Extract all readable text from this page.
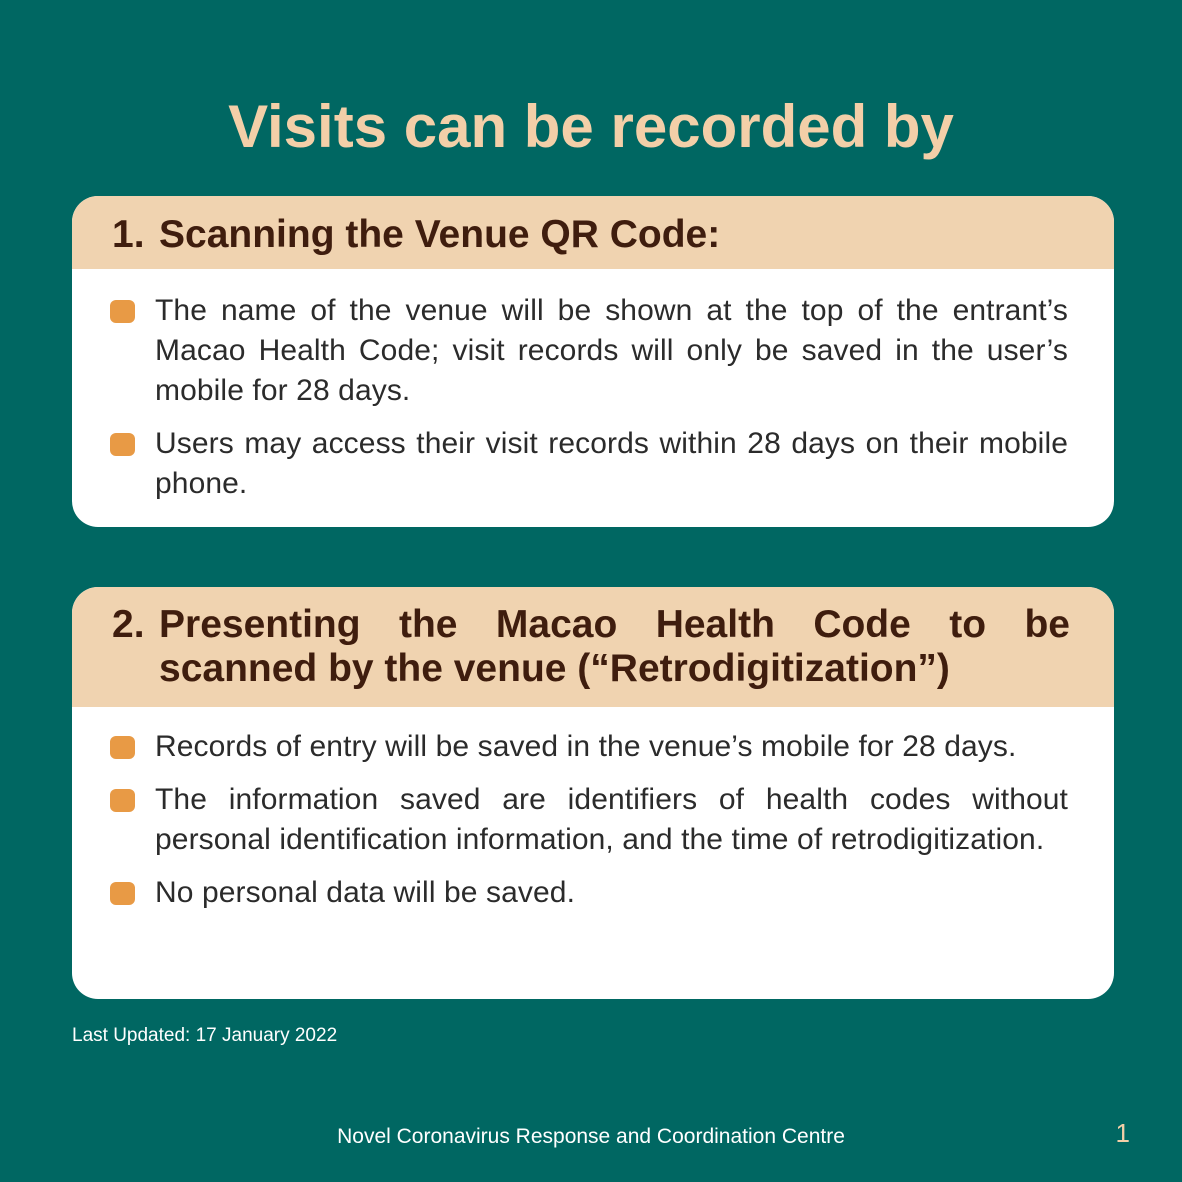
Visits can be recorded by
1. Scanning the Venue QR Code:
The name of the venue will be shown at the top of the entrant’s Macao Health Code; visit records will only be saved in the user’s mobile for 28 days.
Users may access their visit records within 28 days on their mobile phone.
2. Presenting the Macao Health Code to be scanned by the venue (“Retrodigitization”)
Records of entry will be saved in the venue’s mobile for 28 days.
The information saved are identifiers of health codes without personal identification information, and the time of retrodigitization.
No personal data will be saved.
Last Updated: 17 January 2022
Novel Coronavirus Response and Coordination Centre	1
